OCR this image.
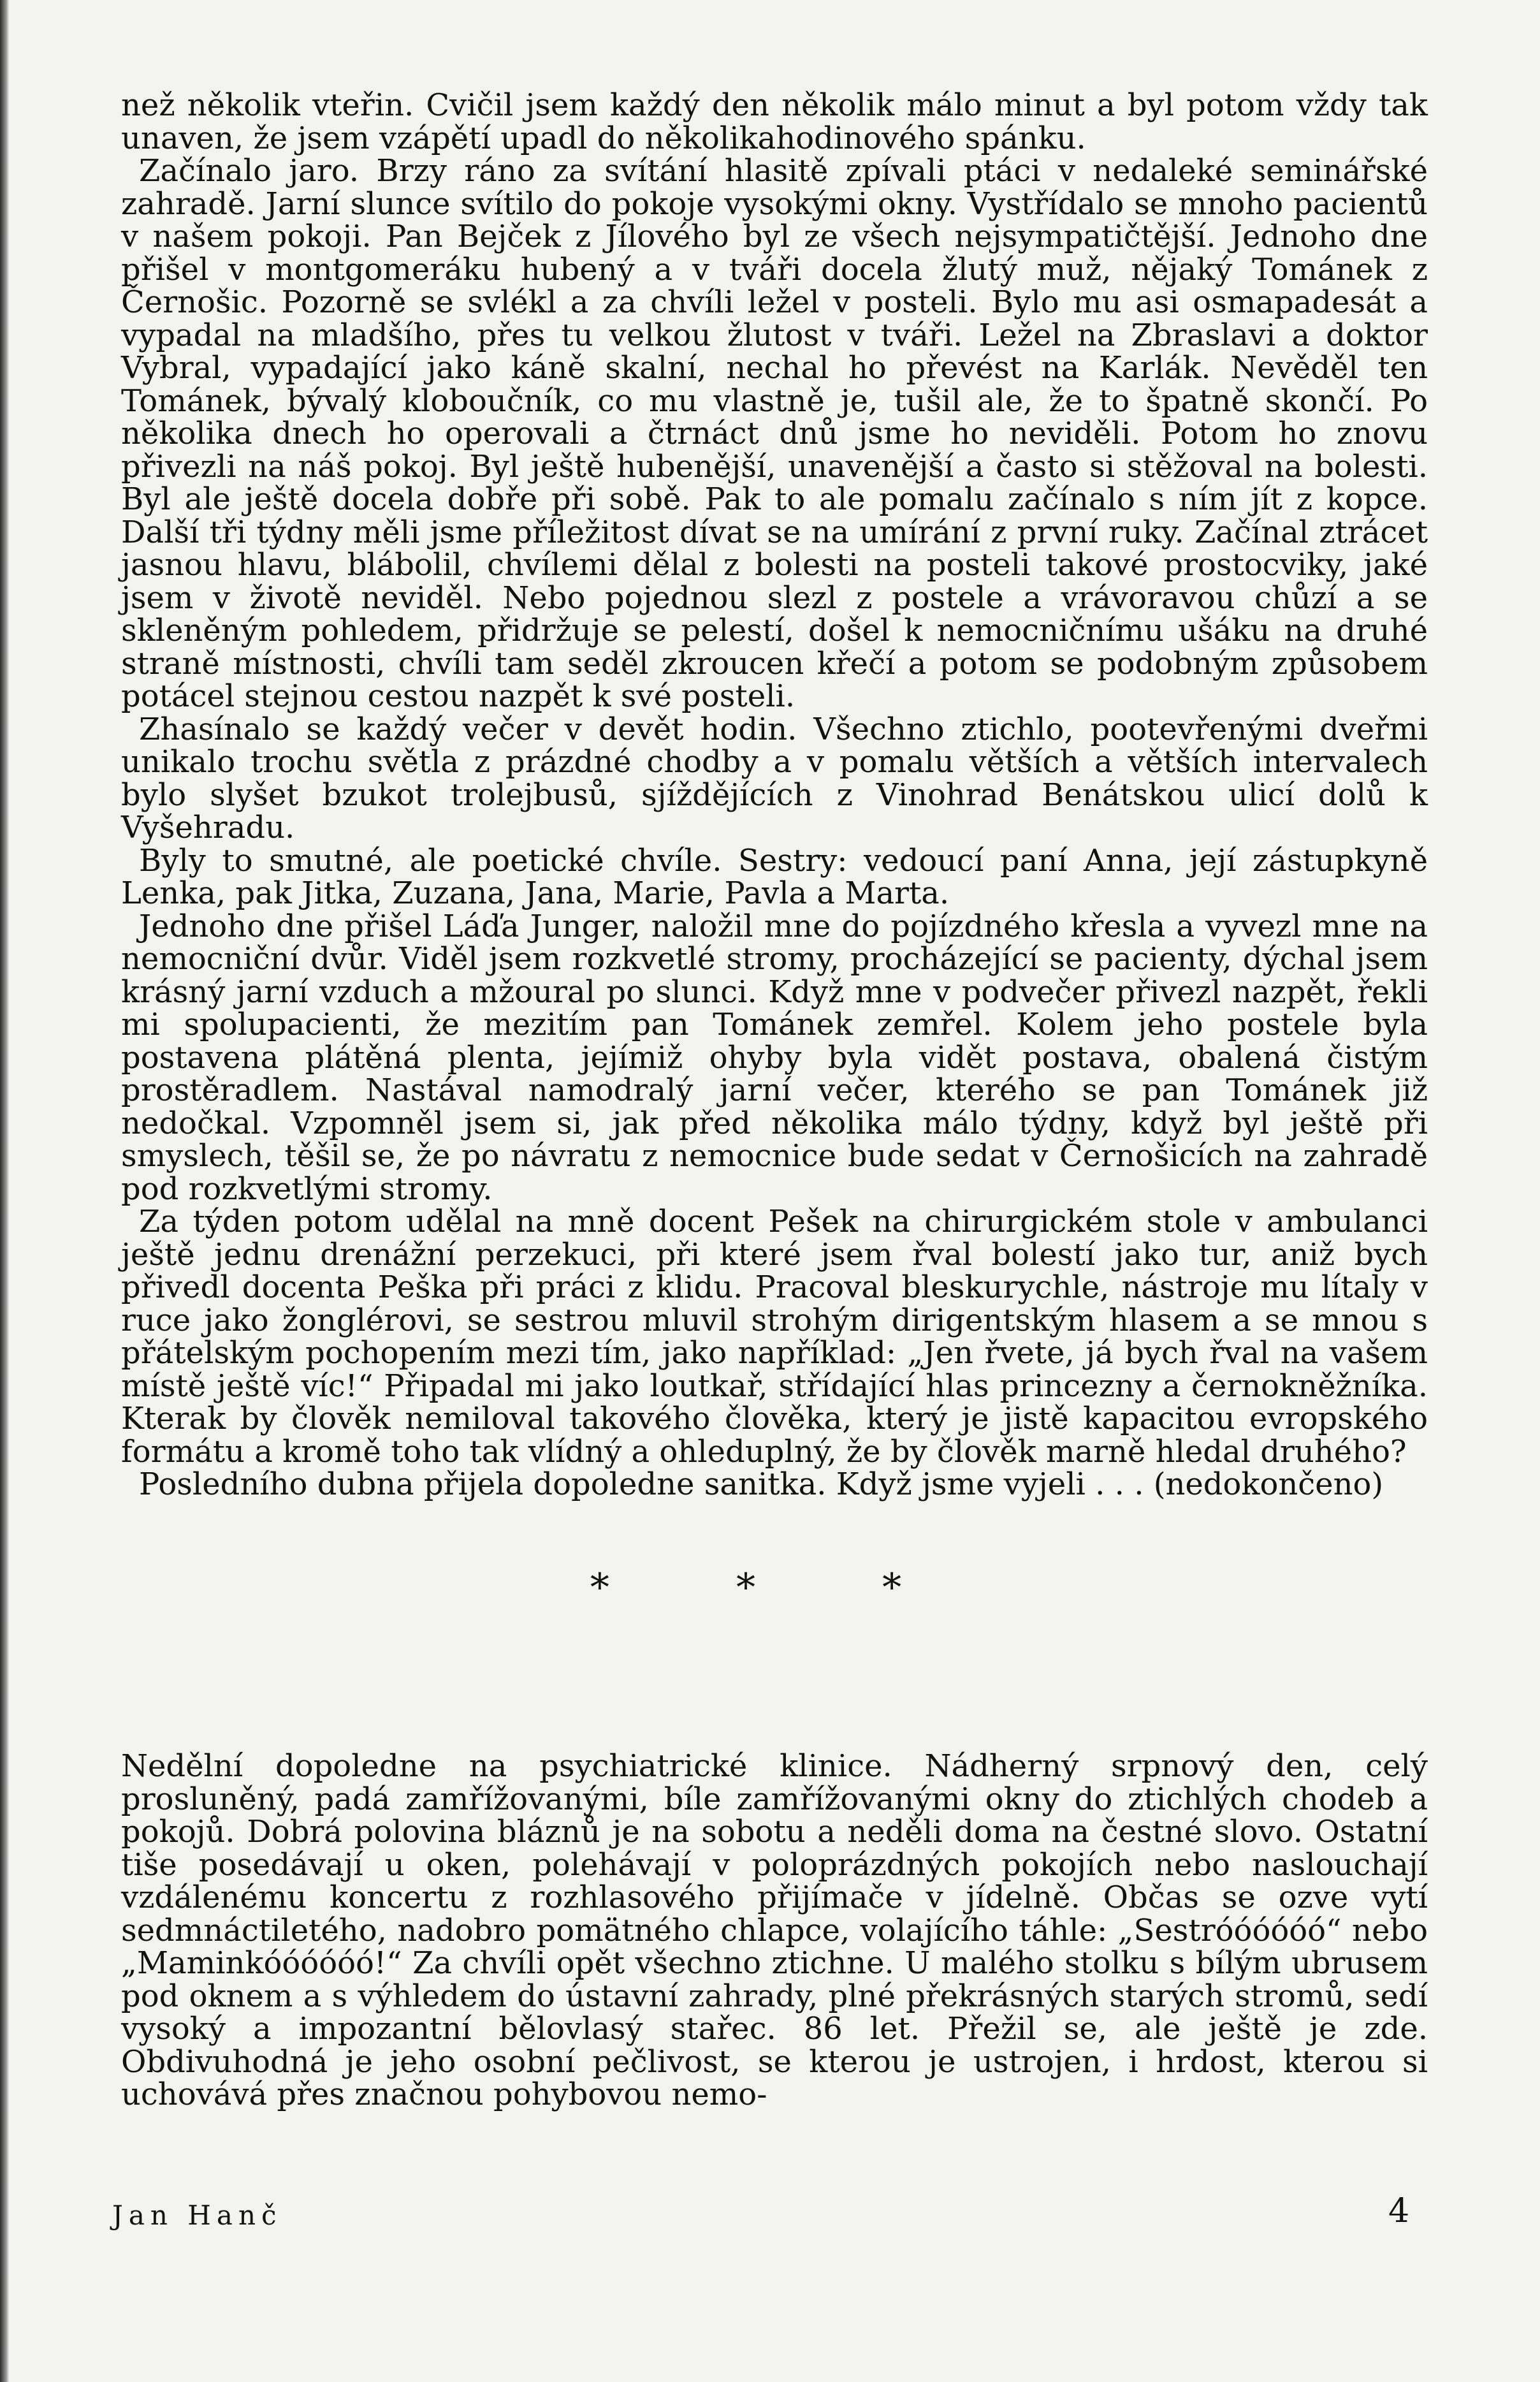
než několik vteřin. Cvičil jsem každý den několik málo minut a byl potom vždy tak unaven, že jsem vzápětí upadl do několikahodinového spánku.

Začínalo jaro. Brzy ráno za svítání hlasitě zpívali ptáci v nedaleké seminářské zahradě. Jarní slunce svítilo do pokoje vysokými okny. Vystřídalo se mnoho pacientů v našem pokoji. Pan Bejček z Jílového byl ze všech nejsympatičtější. Jednoho dne přišel v montgomeráku hubený a v tváři docela žlutý muž, nějaký Tománek z Černošic. Pozorně se svlékl a za chvíli ležel v posteli. Bylo mu asi osmapadesát a vypadal na mladšího, přes tu velkou žlutost v tváři. Ležel na Zbraslavi a doktor Vybral, vypadající jako káně skalní, nechal ho převést na Karlák. Nevěděl ten Tománek, bývalý kloboučník, co mu vlastně je, tušil ale, že to špatně skončí. Po několika dnech ho operovali a čtrnáct dnů jsme ho neviděli. Potom ho znovu přivezli na náš pokoj. Byl ještě hubenější, unavenější a často si stěžoval na bolesti. Byl ale ještě docela dobře při sobě. Pak to ale pomalu začínalo s ním jít z kopce. Další tři týdny měli jsme příležitost dívat se na umírání z první ruky. Začínal ztrácet jasnou hlavu, blábolil, chvílemi dělal z bolesti na posteli takové prostocviky, jaké jsem v životě neviděl. Nebo pojednou slezl z postele a vrávoravou chůzí a se skleněným pohledem, přidržuje se pelestí, došel k nemocničnímu ušáku na druhé straně místnosti, chvíli tam seděl zkroucen křečí a potom se podobným způsobem potácel stejnou cestou nazpět k své posteli.

Zhasínalo se každý večer v devět hodin. Všechno ztichlo, pootevřenými dveřmi unikalo trochu světla z prázdné chodby a v pomalu větších a větších intervalech bylo slyšet bzukot trolejbusů, sjíždějících z Vinohrad Benátskou ulicí dolů k Vyšehradu.

Byly to smutné, ale poetické chvíle. Sestry: vedoucí paní Anna, její zástupkyně Lenka, pak Jitka, Zuzana, Jana, Marie, Pavla a Marta.

Jednoho dne přišel Láďa Junger, naložil mne do pojízdného křesla a vyvezl mne na nemocniční dvůr. Viděl jsem rozkvetlé stromy, procházející se pacienty, dýchal jsem krásný jarní vzduch a mžoural po slunci. Když mne v podvečer přivezl nazpět, řekli mi spolupacienti, že mezitím pan Tománek zemřel. Kolem jeho postele byla postavena plátěná plenta, jejímiž ohyby byla vidět postava, obalená čistým prostěradlem. Nastával namodralý jarní večer, kterého se pan Tománek již nedočkal. Vzpomněl jsem si, jak před několika málo týdny, když byl ještě při smyslech, těšil se, že po návratu z nemocnice bude sedat v Černošicích na zahradě pod rozkvetlými stromy.

Za týden potom udělal na mně docent Pešek na chirurgickém stole v ambulanci ještě jednu drenážní perzekuci, při které jsem řval bolestí jako tur, aniž bych přivedl docenta Peška při práci z klidu. Pracoval bleskurychle, nástroje mu lítaly v ruce jako žonglérovi, se sestrou mluvil strohým dirigentským hlasem a se mnou s přátelským pochopením mezi tím, jako například: „Jen řvete, já bych řval na vašem místě ještě víc!“ Připadal mi jako loutkař, střídající hlas princezny a černokněžníka. Kterak by člověk nemiloval takového člověka, který je jistě kapacitou evropského formátu a kromě toho tak vlídný a ohleduplný, že by člověk marně hledal druhého?

Posledního dubna přijela dopoledne sanitka. Když jsme vyjeli . . . (nedokončeno)

* * *

Nedělní dopoledne na psychiatrické klinice. Nádherný srpnový den, celý prosluněný, padá zamřížovanými, bíle zamřížovanými okny do ztichlých chodeb a pokojů. Dobrá polovina bláznů je na sobotu a neděli doma na čestné slovo. Ostatní tiše posedávají u oken, polehávají v poloprázdných pokojích nebo naslouchají vzdálenému koncertu z rozhlasového přijímače v jídelně. Občas se ozve vytí sedmnáctiletého, nadobro pomätného chlapce, volajícího táhle: „Sestróóóóóó“ nebo „Maminkóóóóóó!“ Za chvíli opět všechno ztichne. U malého stolku s bílým ubrusem pod oknem a s výhledem do ústavní zahrady, plné překrásných starých stromů, sedí vysoký a impozantní bělovlasý stařec. 86 let. Přežil se, ale ještě je zde. Obdivuhodná je jeho osobní pečlivost, se kterou je ustrojen, i hrdost, kterou si uchovává přes značnou pohybovou nemo-

Jan Hanč	4
